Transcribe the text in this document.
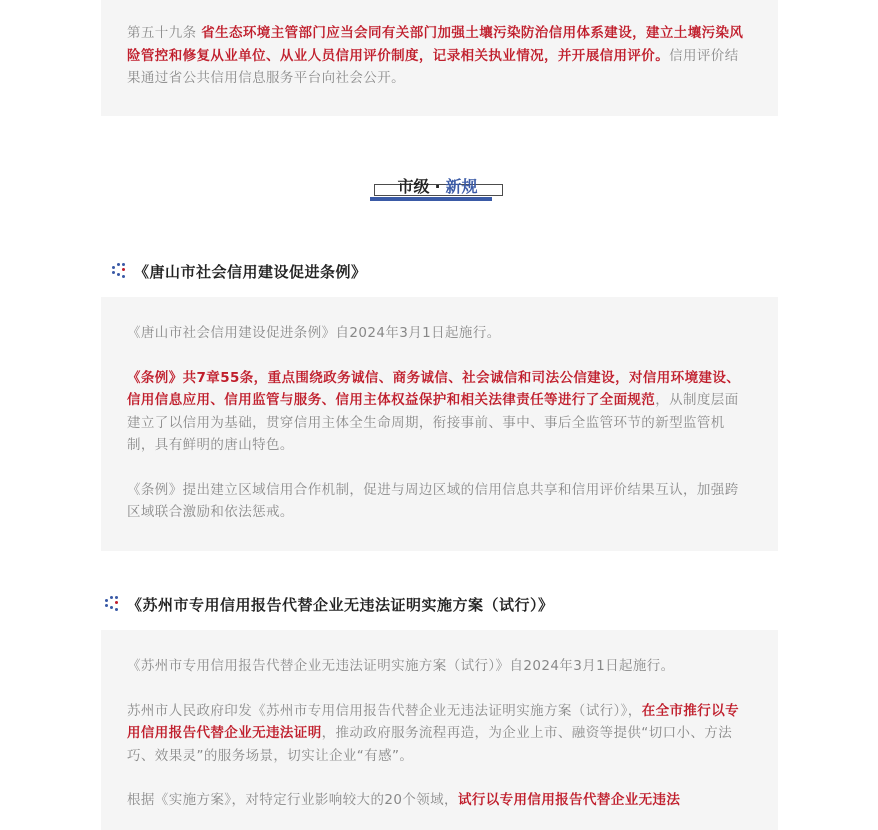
第五十九条 省生态环境主管部门应当会同有关部门加强土壤污染防治信用体系建设，建立土壤污染风险管控和修复从业单位、从业人员信用评价制度，记录相关执业情况，并开展信用评价。信用评价结果通过省公共信用信息服务平台向社会公开。

市级 · 新规
《唐山市社会信用建设促进条例》

《唐山市社会信用建设促进条例》自2024年3月1日起施行。

《条例》共7章55条，重点围绕政务诚信、商务诚信、社会诚信和司法公信建设，对信用环境建设、信用信息应用、信用监管与服务、信用主体权益保护和相关法律责任等进行了全面规范，从制度层面建立了以信用为基础，贯穿信用主体全生命周期，衔接事前、事中、事后全监管环节的新型监管机制，具有鲜明的唐山特色。

《条例》提出建立区域信用合作机制，促进与周边区域的信用信息共享和信用评价结果互认，加强跨区域联合激励和依法惩戒。

《苏州市专用信用报告代替企业无违法证明实施方案（试行）》

《苏州市专用信用报告代替企业无违法证明实施方案（试行）》自2024年3月1日起施行。

苏州市人民政府印发《苏州市专用信用报告代替企业无违法证明实施方案（试行）》，在全市推行以专用信用报告代替企业无违法证明，推动政府服务流程再造，为企业上市、融资等提供“切口小、方法巧、效果灵”的服务场景，切实让企业“有感”。

根据《实施方案》，对特定行业影响较大的20个领域，试行以专用信用报告代替企业无违法
